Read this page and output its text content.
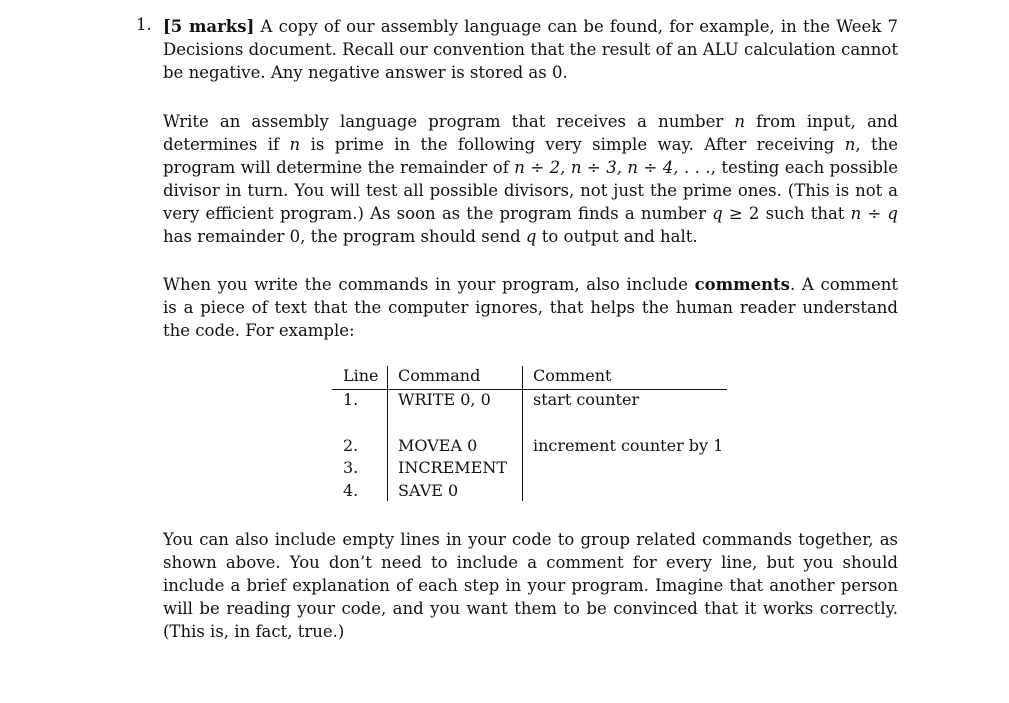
1. [5 marks] A copy of our assembly language can be found, for example, in the Week 7 Decisions document. Recall our convention that the result of an ALU calculation cannot be negative. Any negative answer is stored as 0.

Write an assembly language program that receives a number n from input, and determines if n is prime in the following very simple way. After receiving n, the program will determine the remainder of n ÷ 2, n ÷ 3, n ÷ 4, . . ., testing each possible divisor in turn. You will test all possible divisors, not just the prime ones. (This is not a very efficient program.) As soon as the program finds a number q ≥ 2 such that n ÷ q has remainder 0, the program should send q to output and halt.

When you write the commands in your program, also include comments. A comment is a piece of text that the computer ignores, that helps the human reader understand the code. For example:

Line Command	Comment
1. WRITE 0, 0	start counter
2. MOVEA 0	increment counter by 1
3. INCREMENT
4. SAVE 0

You can also include empty lines in your code to group related commands together, as shown above. You don’t need to include a comment for every line, but you should include a brief explanation of each step in your program. Imagine that another person will be reading your code, and you want them to be convinced that it works correctly. (This is, in fact, true.)
